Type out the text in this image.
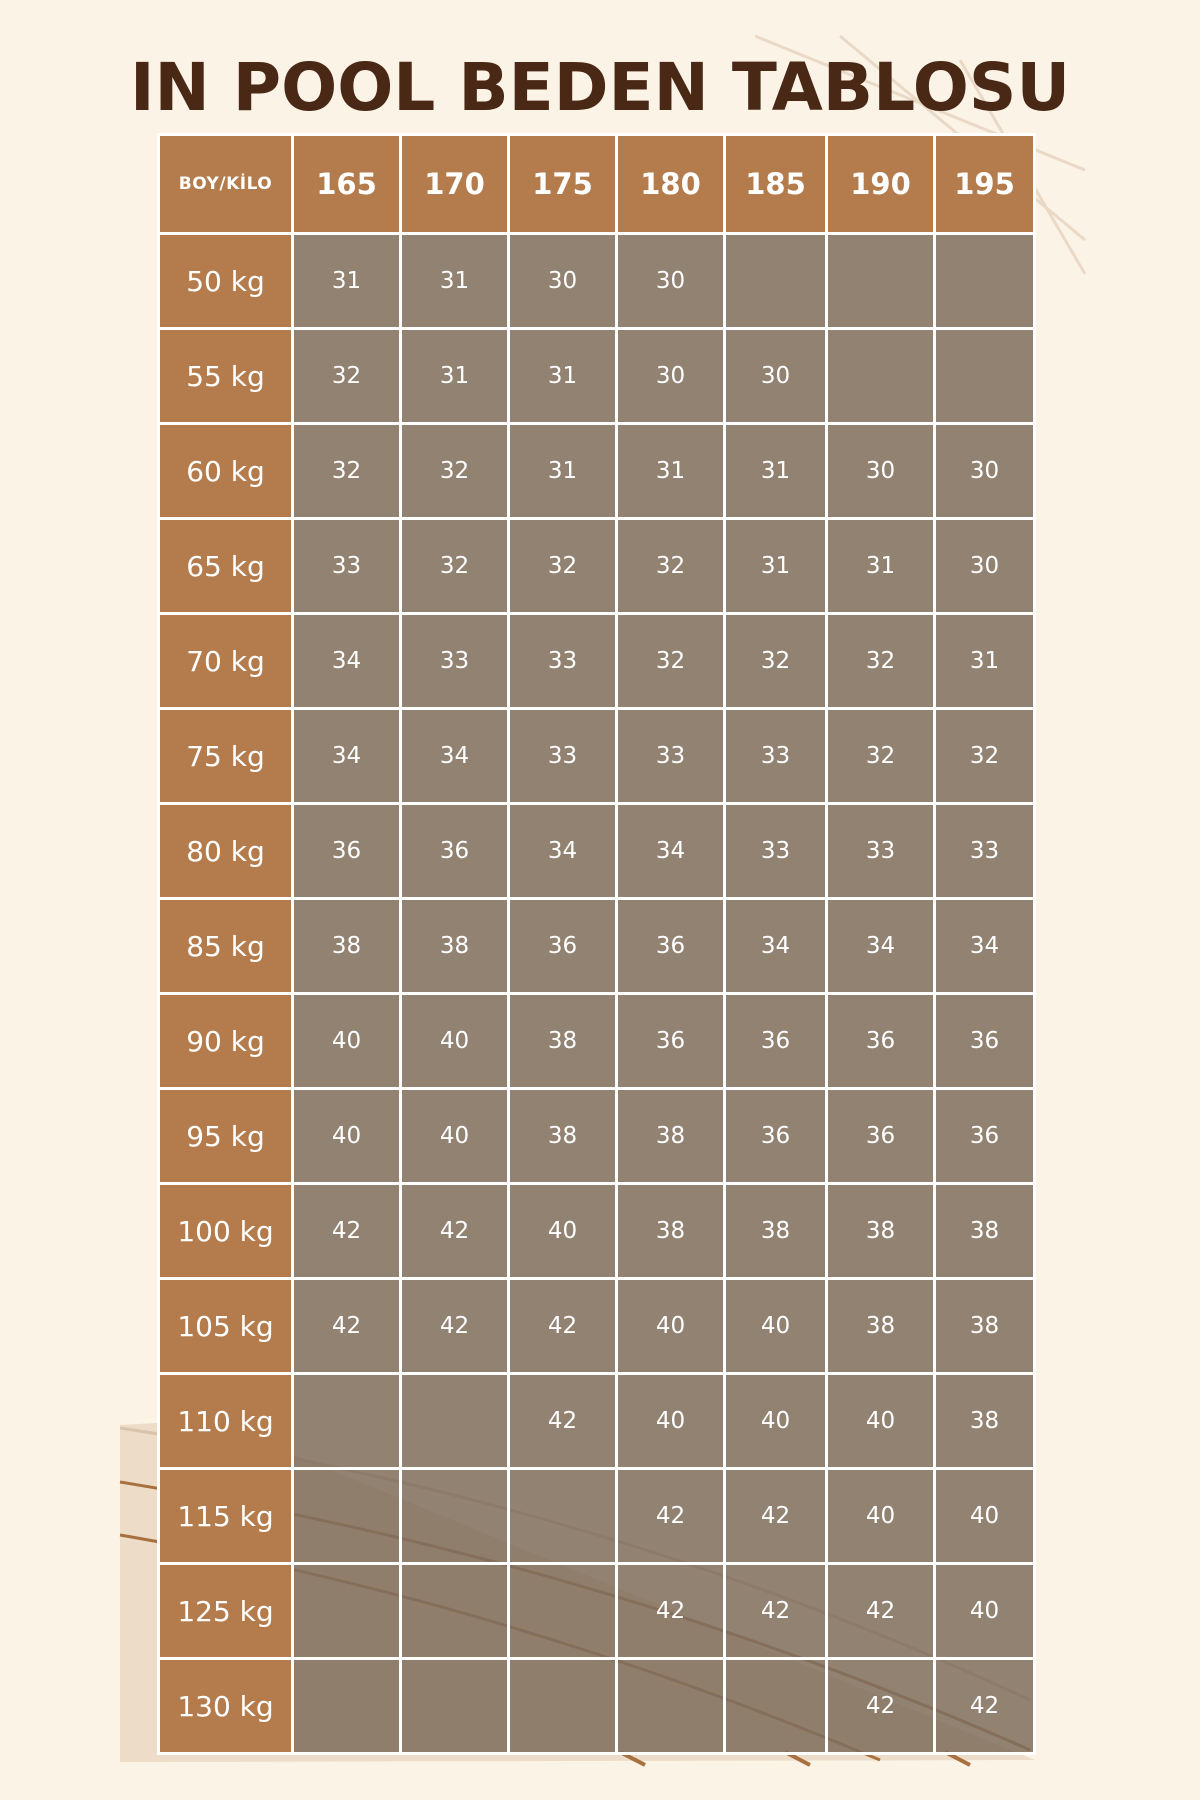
IN POOL BEDEN TABLOSU
BOY/KİLO	165	170	175	180	185	190	195
50 kg	31	31	30	30			
55 kg	32	31	31	30	30		
60 kg	32	32	31	31	31	30	30
65 kg	33	32	32	32	31	31	30
70 kg	34	33	33	32	32	32	31
75 kg	34	34	33	33	33	32	32
80 kg	36	36	34	34	33	33	33
85 kg	38	38	36	36	34	34	34
90 kg	40	40	38	36	36	36	36
95 kg	40	40	38	38	36	36	36
100 kg	42	42	40	38	38	38	38
105 kg	42	42	42	40	40	38	38
110 kg			42	40	40	40	38
115 kg				42	42	40	40
125 kg				42	42	42	40
130 kg						42	42
